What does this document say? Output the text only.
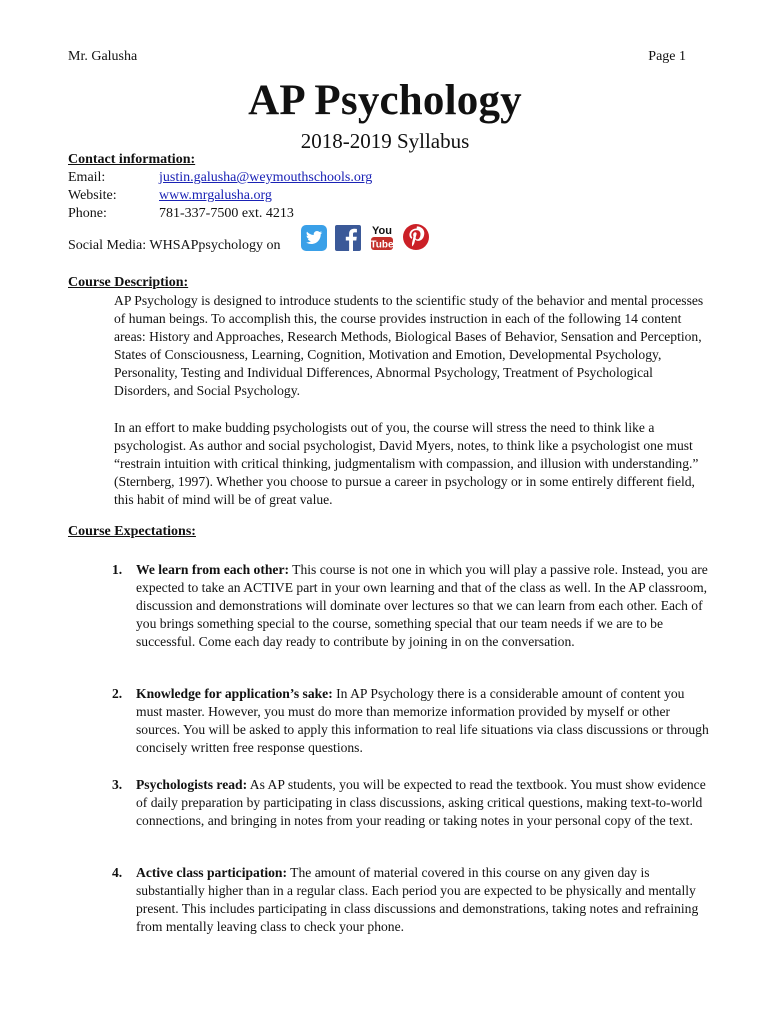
Mr. Galusha	Page 1
AP Psychology
2018-2019 Syllabus
Contact information:
Email:	justin.galusha@weymouthschools.org
Website:	www.mrgalusha.org
Phone:	781-337-7500 ext. 4213
Social Media: WHSAPpsychology on
You
Tube
Course Description:
AP Psychology is designed to introduce students to the scientific study of the behavior and mental processes of human beings. To accomplish this, the course provides instruction in each of the following 14 content areas: History and Approaches, Research Methods, Biological Bases of Behavior, Sensation and Perception, States of Consciousness, Learning, Cognition, Motivation and Emotion, Developmental Psychology, Personality, Testing and Individual Differences, Abnormal Psychology, Treatment of Psychological Disorders, and Social Psychology.
In an effort to make budding psychologists out of you, the course will stress the need to think like a psychologist. As author and social psychologist, David Myers, notes, to think like a psychologist one must “restrain intuition with critical thinking, judgmentalism with compassion, and illusion with understanding.” (Sternberg, 1997). Whether you choose to pursue a career in psychology or in some entirely different field, this habit of mind will be of great value.
Course Expectations:
1. We learn from each other: This course is not one in which you will play a passive role. Instead, you are expected to take an ACTIVE part in your own learning and that of the class as well. In the AP classroom, discussion and demonstrations will dominate over lectures so that we can learn from each other. Each of you brings something special to the course, something special that our team needs if we are to be successful. Come each day ready to contribute by joining in on the conversation.
2. Knowledge for application’s sake: In AP Psychology there is a considerable amount of content you must master. However, you must do more than memorize information provided by myself or other sources. You will be asked to apply this information to real life situations via class discussions or through concisely written free response questions.
3. Psychologists read: As AP students, you will be expected to read the textbook. You must show evidence of daily preparation by participating in class discussions, asking critical questions, making text-to-world connections, and bringing in notes from your reading or taking notes in your personal copy of the text.
4. Active class participation: The amount of material covered in this course on any given day is substantially higher than in a regular class. Each period you are expected to be physically and mentally present. This includes participating in class discussions and demonstrations, taking notes and refraining from mentally leaving class to check your phone.
